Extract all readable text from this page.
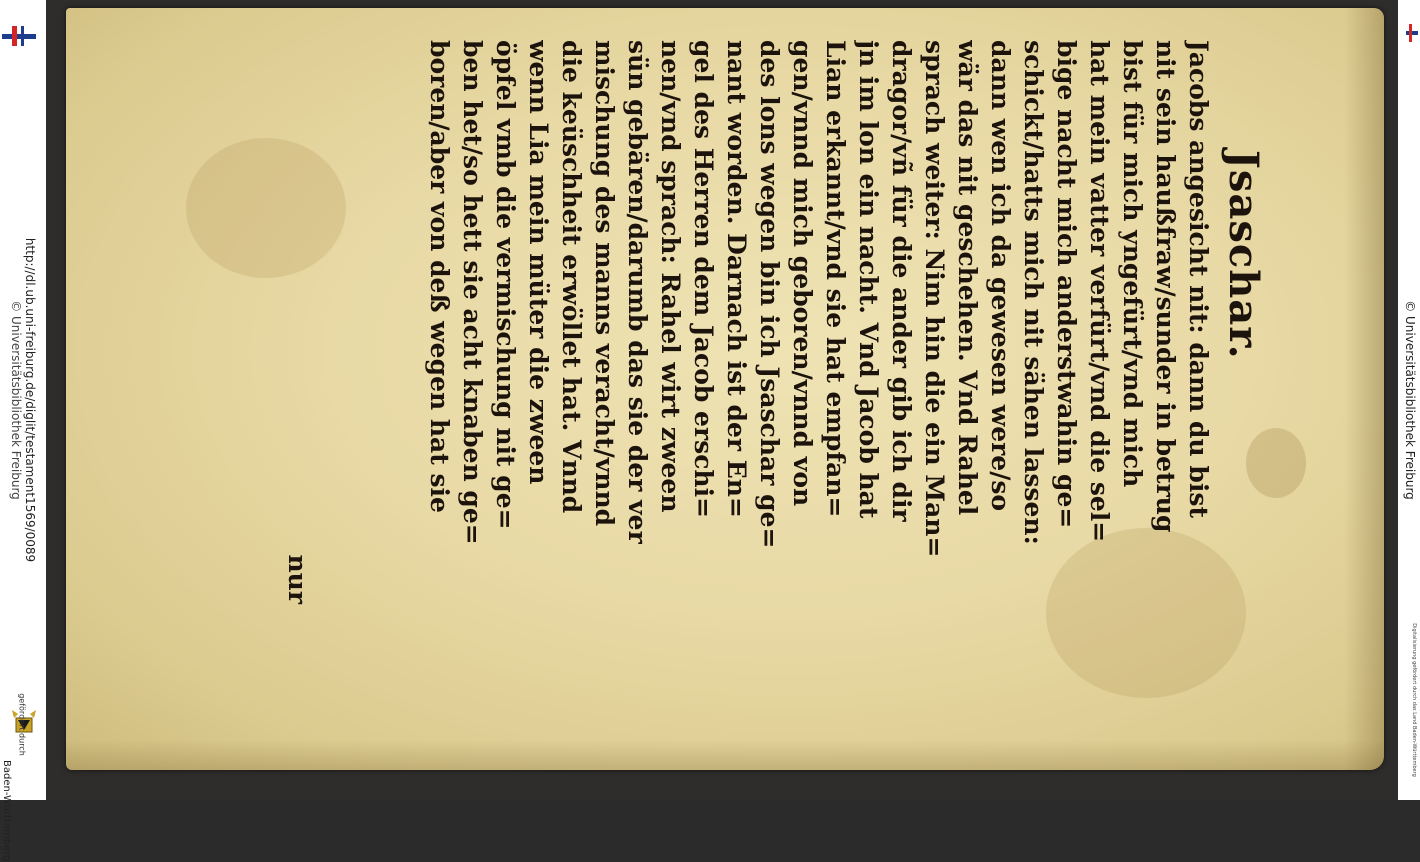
http://dl.ub.uni-freiburg.de/diglit/testament1569/0089
© Universitätsbibliothek Freiburg
gefördert durch
Baden-Württemberg
Jsaschar.
Jacobs angesicht nit: dann du bist
nit sein haußfraw/sunder in betrug
bist für mich yngefürt/vnd mich
hat mein vatter verfürt/vnd die sel=
bige nacht mich anderstwahin ge=
schickt/hatts mich nit sähen lassen:
dann wen ich da gewesen were/so
wär das nit geschehen. Vnd Rahel
sprach weiter: Nim hin die ein Man=
dragor/vñ für die ander gib ich dir
jn im lon ein nacht. Vnd Jacob hat
Lian erkannt/vnd sie hat empfan=
gen/vnnd mich geboren/vnnd von
des lons wegen bin ich Jsaschar ge=
nant worden. Darnach ist der En=
gel des Herren dem Jacob erschi=
nen/vnd sprach: Rahel wirt zween
sün gebären/darumb das sie der ver
mischung des manns veracht/vnnd
die keüschheit erwöllet hat. Vnnd
wenn Lia mein müter die zween
öpfel vmb die vermischung nit ge=
ben het/so hett sie acht knaben ge=
boren/aber von deß wegen hat sie
nur
© Universitätsbibliothek Freiburg
Digitalisierung gefördert durch das Land Baden-Württemberg
